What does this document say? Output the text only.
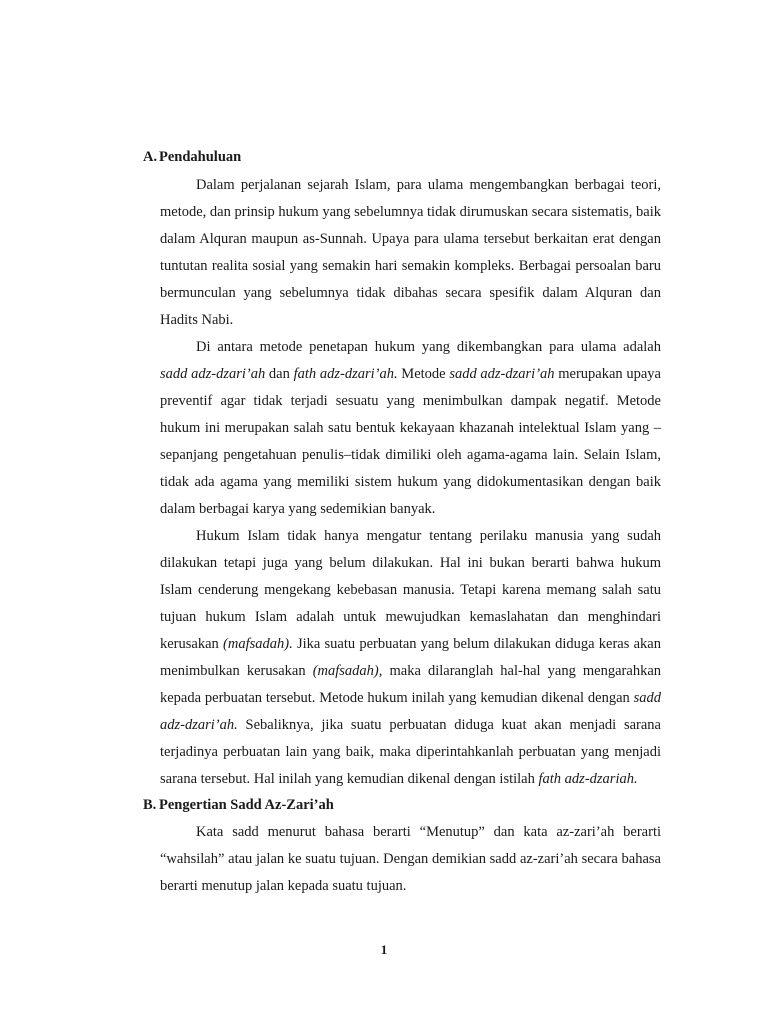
A. Pendahuluan

Dalam perjalanan sejarah Islam, para ulama mengembangkan berbagai teori, metode, dan prinsip hukum yang sebelumnya tidak dirumuskan secara sistematis, baik dalam Alquran maupun as-Sunnah. Upaya para ulama tersebut berkaitan erat dengan tuntutan realita sosial yang semakin hari semakin kompleks. Berbagai persoalan baru bermunculan yang sebelumnya tidak dibahas secara spesifik dalam Alquran dan Hadits Nabi.

Di antara metode penetapan hukum yang dikembangkan para ulama adalah sadd adz-dzari’ah dan fath adz-dzari’ah. Metode sadd adz-dzari’ah merupakan upaya preventif agar tidak terjadi sesuatu yang menimbulkan dampak negatif. Metode hukum ini merupakan salah satu bentuk kekayaan khazanah intelektual Islam yang –sepanjang pengetahuan penulis–tidak dimiliki oleh agama-agama lain. Selain Islam, tidak ada agama yang memiliki sistem hukum yang didokumentasikan dengan baik dalam berbagai karya yang sedemikian banyak.

Hukum Islam tidak hanya mengatur tentang perilaku manusia yang sudah dilakukan tetapi juga yang belum dilakukan. Hal ini bukan berarti bahwa hukum Islam cenderung mengekang kebebasan manusia. Tetapi karena memang salah satu tujuan hukum Islam adalah untuk mewujudkan kemaslahatan dan menghindari kerusakan (mafsadah). Jika suatu perbuatan yang belum dilakukan diduga keras akan menimbulkan kerusakan (mafsadah), maka dilaranglah hal-hal yang mengarahkan kepada perbuatan tersebut. Metode hukum inilah yang kemudian dikenal dengan sadd adz-dzari’ah. Sebaliknya, jika suatu perbuatan diduga kuat akan menjadi sarana terjadinya perbuatan lain yang baik, maka diperintahkanlah perbuatan yang menjadi sarana tersebut. Hal inilah yang kemudian dikenal dengan istilah fath adz-dzariah.

B. Pengertian Sadd Az-Zari’ah

Kata sadd menurut bahasa berarti “Menutup” dan kata az-zari’ah berarti “wahsilah” atau jalan ke suatu tujuan. Dengan demikian sadd az-zari’ah secara bahasa berarti menutup jalan kepada suatu tujuan.

1
